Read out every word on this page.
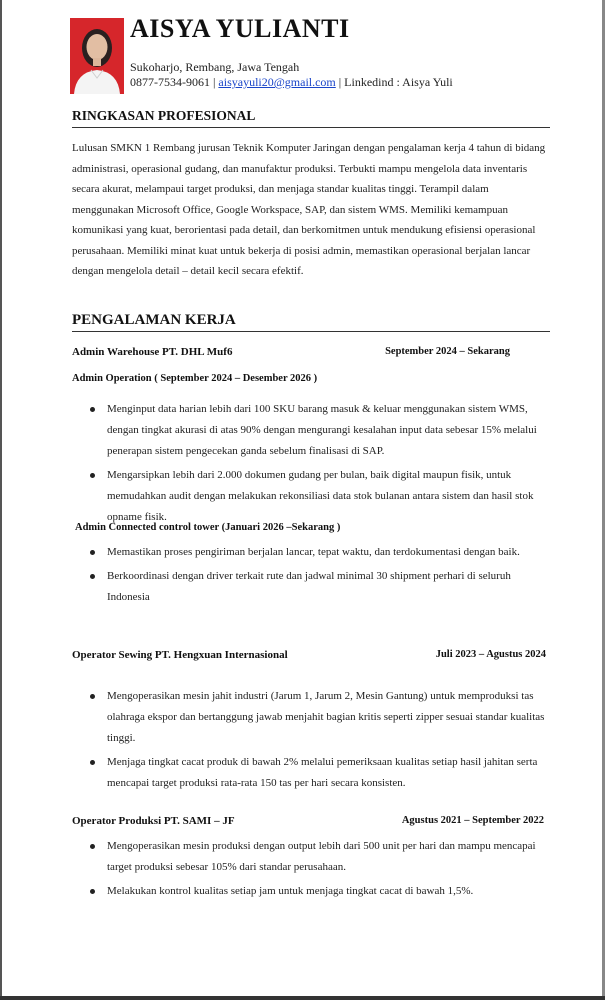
AISYA YULIANTI
Sukoharjo, Rembang, Jawa Tengah
0877-7534-9061 | aisyayuli20@gmail.com | Linkedind : Aisya Yuli
RINGKASAN PROFESIONAL
Lulusan SMKN 1 Rembang jurusan Teknik Komputer Jaringan dengan pengalaman kerja 4 tahun di bidang administrasi, operasional gudang, dan manufaktur produksi. Terbukti mampu mengelola data inventaris secara akurat, melampaui target produksi, dan menjaga standar kualitas tinggi. Terampil dalam menggunakan Microsoft Office, Google Workspace, SAP, dan sistem WMS. Memiliki kemampuan komunikasi yang kuat, berorientasi pada detail, dan berkomitmen untuk mendukung efisiensi operasional perusahaan. Memiliki minat kuat untuk bekerja di posisi admin, memastikan operasional berjalan lancar dengan mengelola detail – detail kecil secara efektif.
PENGALAMAN KERJA
Admin Warehouse PT. DHL Muf6	September 2024 – Sekarang
Admin Operation ( September 2024 – Desember 2026 )
Menginput data harian lebih dari 100 SKU barang masuk & keluar menggunakan sistem WMS, dengan tingkat akurasi di atas 90% dengan mengurangi kesalahan input data sebesar 15% melalui penerapan sistem pengecekan ganda sebelum finalisasi di SAP.
Mengarsipkan lebih dari 2.000 dokumen gudang per bulan, baik digital maupun fisik, untuk memudahkan audit dengan melakukan rekonsiliasi data stok bulanan antara sistem dan hasil stok opname fisik.
Admin Connected control tower (Januari 2026 –Sekarang )
Memastikan proses pengiriman berjalan lancar, tepat waktu, dan terdokumentasi dengan baik.
Berkoordinasi dengan driver terkait rute dan jadwal minimal 30 shipment perhari di seluruh Indonesia
Operator Sewing PT. Hengxuan Internasional	Juli 2023 – Agustus 2024
Mengoperasikan mesin jahit industri (Jarum 1, Jarum 2, Mesin Gantung) untuk memproduksi tas olahraga ekspor dan bertanggung jawab menjahit bagian kritis seperti zipper sesuai standar kualitas tinggi.
Menjaga tingkat cacat produk di bawah 2% melalui pemeriksaan kualitas setiap hasil jahitan serta mencapai target produksi rata-rata 150 tas per hari secara konsisten.
Operator Produksi PT. SAMI – JF	Agustus 2021 – September 2022
Mengoperasikan mesin produksi dengan output lebih dari 500 unit per hari dan mampu mencapai target produksi sebesar 105% dari standar perusahaan.
Melakukan kontrol kualitas setiap jam untuk menjaga tingkat cacat di bawah 1,5%.
